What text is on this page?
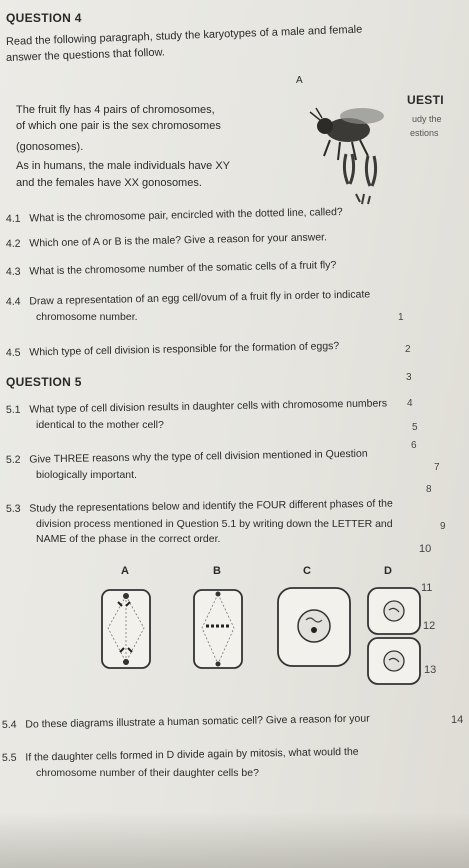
QUESTION 4
Read the following paragraph, study the karyotypes of a male and female
answer the questions that follow.
A
The fruit fly has 4 pairs of chromosomes,
of which one pair is the sex chromosomes
(gonosomes).
As in humans, the male individuals have XY
and the females have XX gonosomes.
UESTI
udy the
estions
4.1 What is the chromosome pair, encircled with the dotted line, called?
4.2 Which one of A or B is the male? Give a reason for your answer.
4.3 What is the chromosome number of the somatic cells of a fruit fly?
4.4 Draw a representation of an egg cell/ovum of a fruit fly in order to indicate
chromosome number.
4.5 Which type of cell division is responsible for the formation of eggs?
QUESTION 5
5.1 What type of cell division results in daughter cells with chromosome numbers
identical to the mother cell?
5.2 Give THREE reasons why the type of cell division mentioned in Question
biologically important.
5.3 Study the representations below and identify the FOUR different phases of the
division process mentioned in Question 5.1 by writing down the LETTER and
NAME of the phase in the correct order.
A	B	C	D
5.4 Do these diagrams illustrate a human somatic cell? Give a reason for your
5.5 If the daughter cells formed in D divide again by mitosis, what would the
chromosome number of their daughter cells be?
1
2
3
4
5
6
7
8
9
10
11
12
13
14
